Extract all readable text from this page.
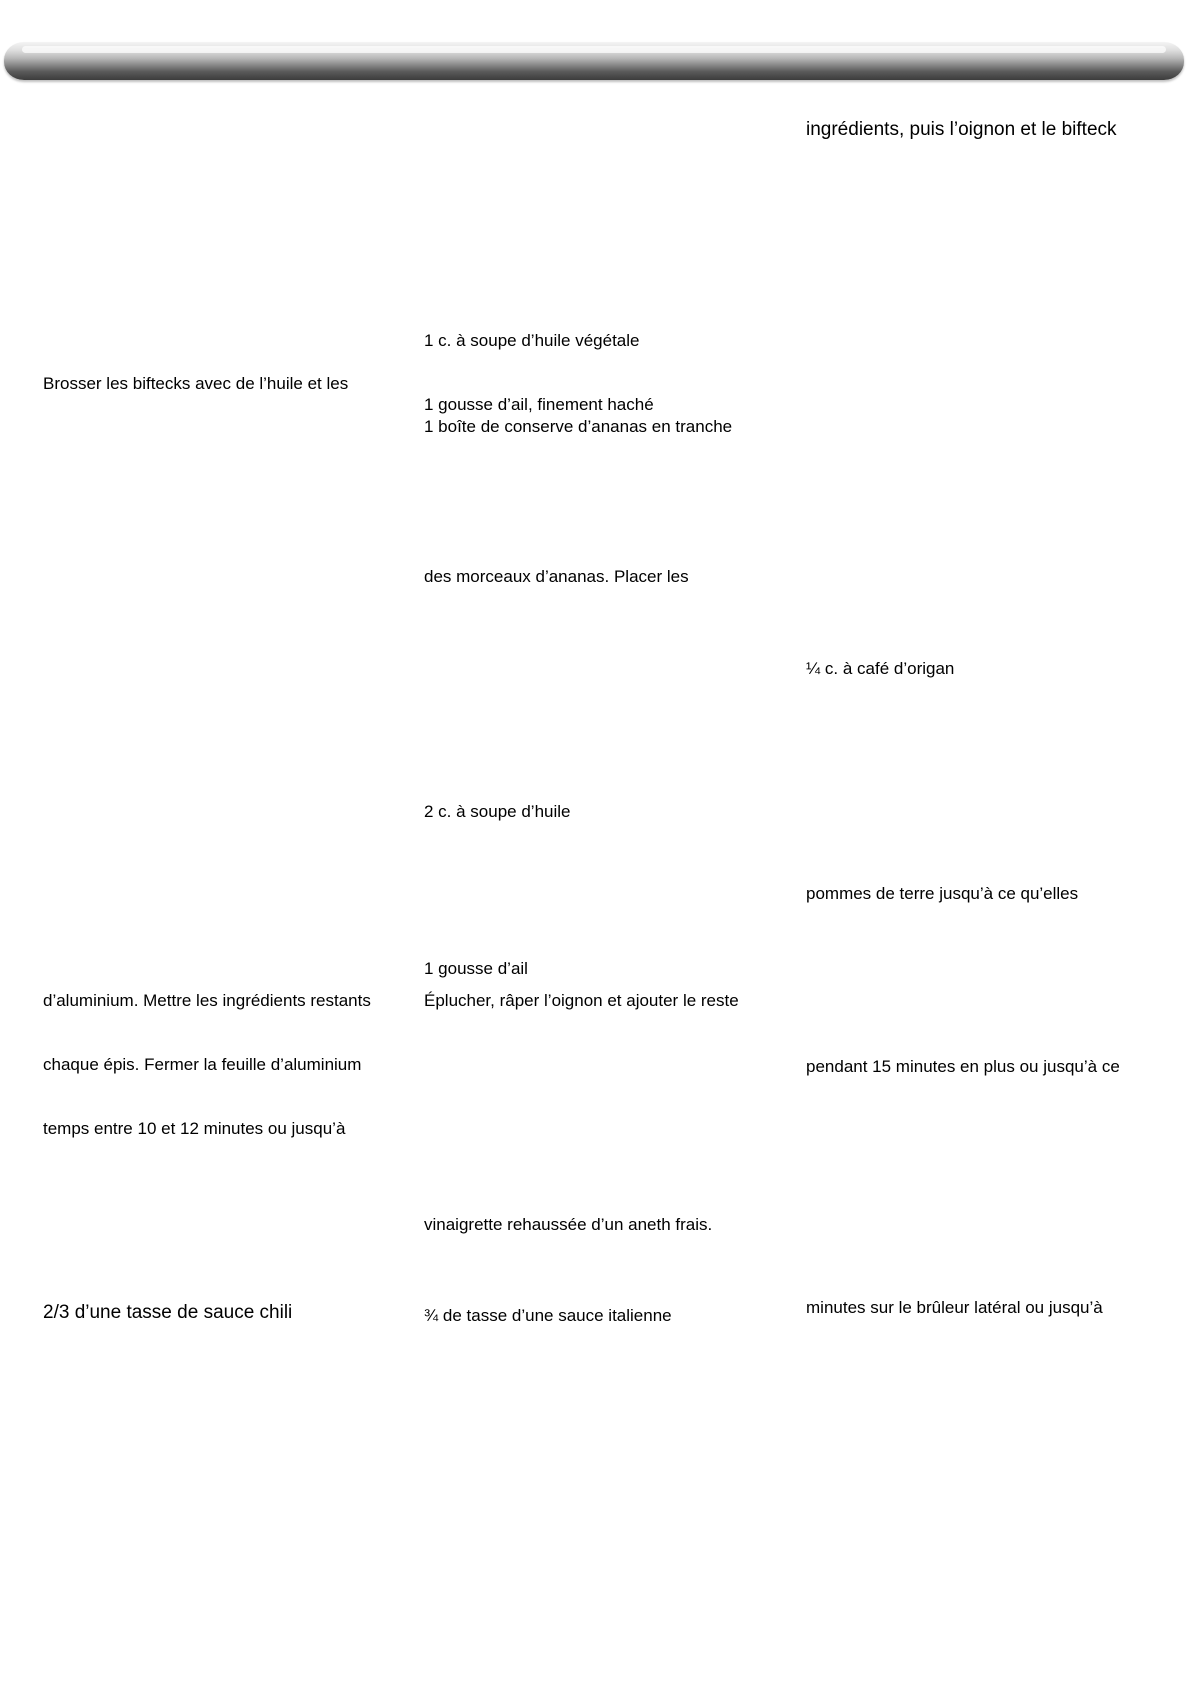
Brosser les biftecks avec de l’huile et les
d’aluminium. Mettre les ingrédients restants
chaque épis. Fermer la feuille d’aluminium
temps entre 10 et 12 minutes ou jusqu’à
2/3 d’une tasse de sauce chili
1 c. à soupe d’huile végétale
1 gousse d’ail, finement haché
1 boîte de conserve d’ananas en tranche
des morceaux d’ananas. Placer les
2 c. à soupe d’huile
1 gousse d’ail
Éplucher, râper l’oignon et ajouter le reste
vinaigrette rehaussée d’un aneth frais.
¾ de tasse d’une sauce italienne
ingrédients, puis l’oignon et le bifteck
¼ c. à café d’origan
pommes de terre jusqu’à ce qu’elles
pendant 15 minutes en plus ou jusqu’à ce
minutes sur le brûleur latéral ou jusqu’à
